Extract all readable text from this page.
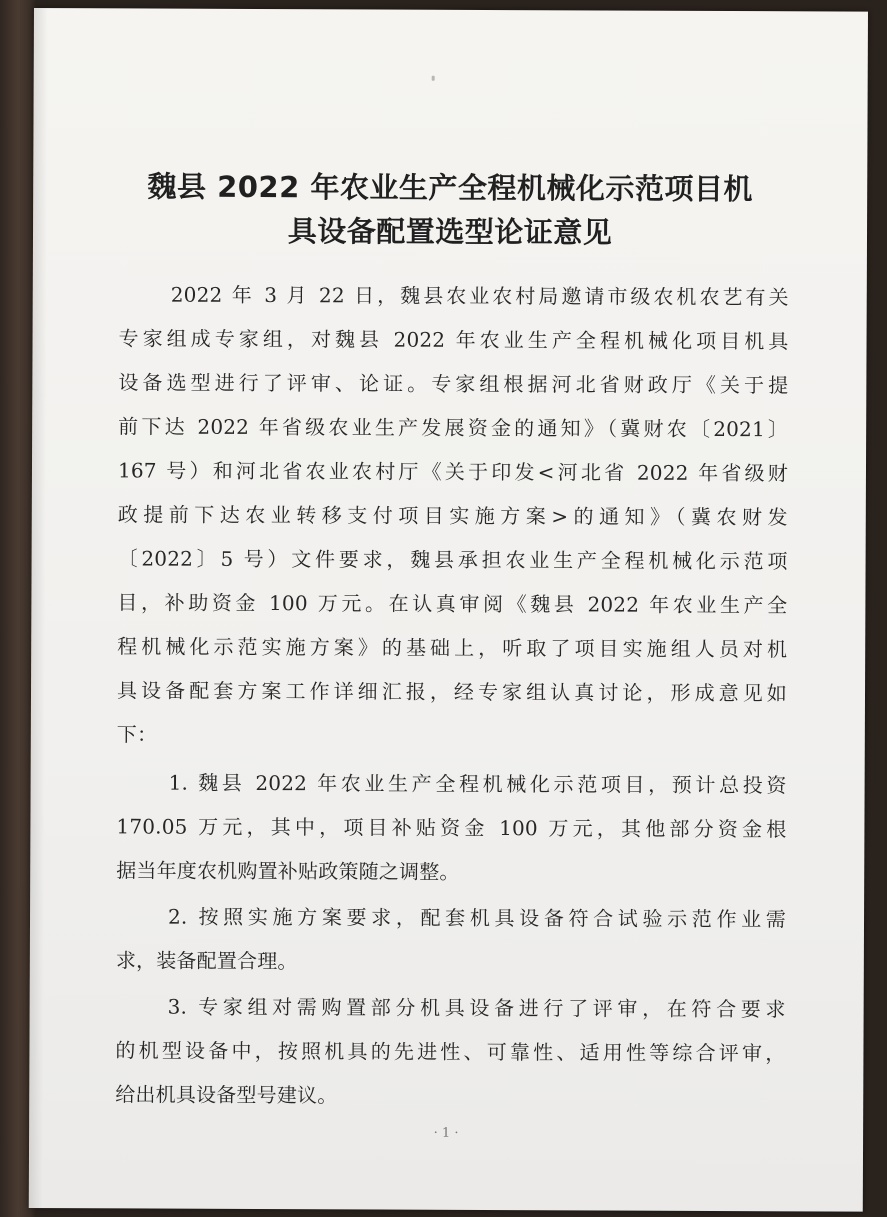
魏县 2022 年农业生产全程机械化示范项目机
具设备配置选型论证意见
2022 年 3 月 22 日，魏县农业农村局邀请市级农机农艺有关
专家组成专家组，对魏县 2022 年农业生产全程机械化项目机具
设备选型进行了评审、论证。专家组根据河北省财政厅《关于提
前下达 2022 年省级农业生产发展资金的通知》（冀财农〔2021〕
167 号）和河北省农业农村厅《关于印发<河北省 2022 年省级财
政提前下达农业转移支付项目实施方案>的通知》（冀农财发
〔2022〕5 号）文件要求，魏县承担农业生产全程机械化示范项
目，补助资金 100 万元。在认真审阅《魏县 2022 年农业生产全
程机械化示范实施方案》的基础上，听取了项目实施组人员对机
具设备配套方案工作详细汇报，经专家组认真讨论，形成意见如
下：
1. 魏县 2022 年农业生产全程机械化示范项目，预计总投资
170.05 万元，其中，项目补贴资金 100 万元，其他部分资金根
据当年度农机购置补贴政策随之调整。
2. 按照实施方案要求，配套机具设备符合试验示范作业需
求，装备配置合理。
3. 专家组对需购置部分机具设备进行了评审，在符合要求
的机型设备中，按照机具的先进性、可靠性、适用性等综合评审，
给出机具设备型号建议。
· 1 ·
